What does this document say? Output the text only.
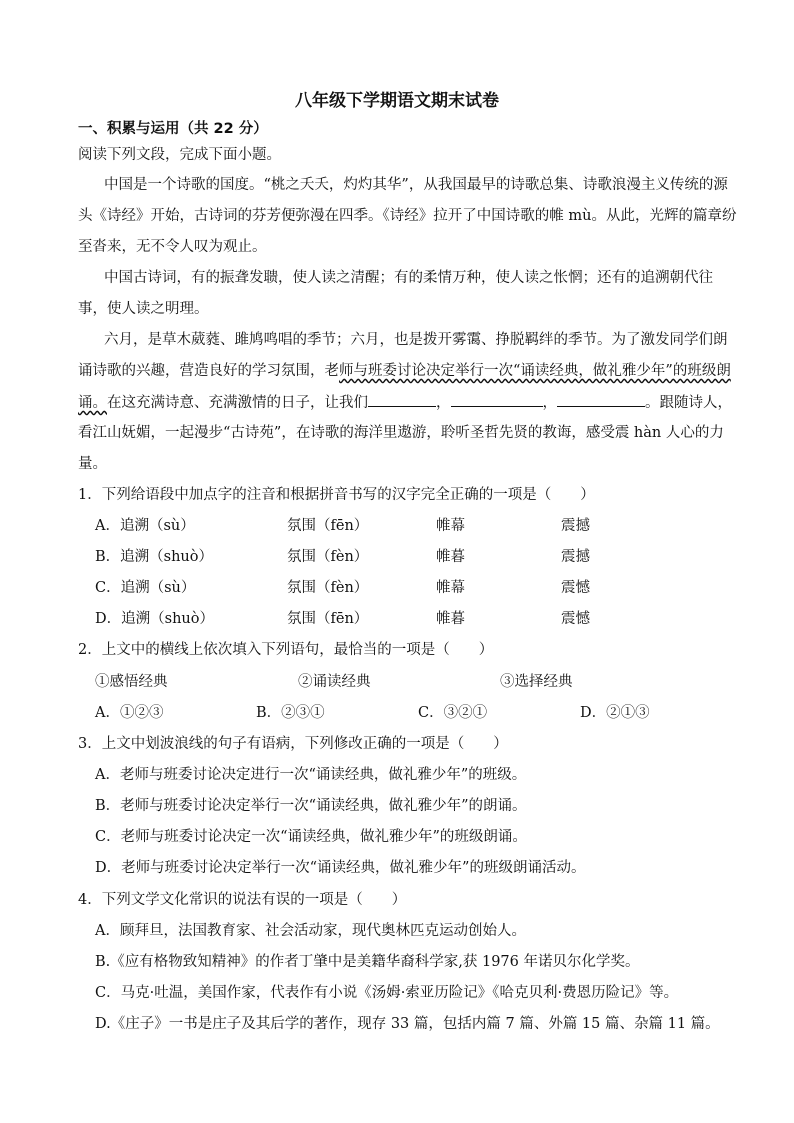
八年级下学期语文期末试卷
一、积累与运用（共 22 分）
阅读下列文段，完成下面小题。
中国是一个诗歌的国度。“桃之夭夭，灼灼其华”，从我国最早的诗歌总集、诗歌浪漫主义传统的源
头《诗经》开始，古诗词的芬芳便弥漫在四季。《诗经》拉开了中国诗歌的帷 mù。从此，光辉的篇章纷
至沓来，无不令人叹为观止。
中国古诗词，有的振聋发聩，使人读之清醒；有的柔情万种，使人读之怅惘；还有的追溯朝代往
事，使人读之明理。
六月，是草木葳蕤、雎鸠鸣唱的季节；六月，也是拨开雾霭、挣脱羁绊的季节。为了激发同学们朗
诵诗歌的兴趣，营造良好的学习氛围，老师与班委讨论决定举行一次“诵读经典，做礼雅少年”的班级朗
诵。在这充满诗意、充满激情的日子，让我们	，	，	。跟随诗人，
看江山妩媚，一起漫步“古诗苑”，在诗歌的海洋里遨游，聆听圣哲先贤的教诲，感受震 hàn 人心的力
量。
1．下列给语段中加点字的注音和根据拼音书写的汉字完全正确的一项是（　　）
A．追溯（sù）	氛围（fēn）	帷幕	震撼
B．追溯（shuò）	氛围（fèn）	帷暮	震撼
C．追溯（sù）	氛围（fèn）	帷幕	震憾
D．追溯（shuò）	氛围（fēn）	帷暮	震憾
2．上文中的横线上依次填入下列语句，最恰当的一项是（　　）
①感悟经典	②诵读经典	③选择经典
A．①②③	B．②③①	C．③②①	D．②①③
3．上文中划波浪线的句子有语病，下列修改正确的一项是（　　）
A．老师与班委讨论决定进行一次“诵读经典，做礼雅少年”的班级。
B．老师与班委讨论决定举行一次“诵读经典，做礼雅少年”的朗诵。
C．老师与班委讨论决定一次“诵读经典，做礼雅少年”的班级朗诵。
D．老师与班委讨论决定举行一次“诵读经典，做礼雅少年”的班级朗诵活动。
4．下列文学文化常识的说法有误的一项是（　　）
A．顾拜旦，法国教育家、社会活动家，现代奥林匹克运动创始人。
B.《应有格物致知精神》的作者丁肇中是美籍华裔科学家,获 1976 年诺贝尔化学奖。
C．马克·吐温，美国作家，代表作有小说《汤姆·索亚历险记》《哈克贝利·费恩历险记》等。
D.《庄子》一书是庄子及其后学的著作，现存 33 篇，包括内篇 7 篇、外篇 15 篇、杂篇 11 篇。
